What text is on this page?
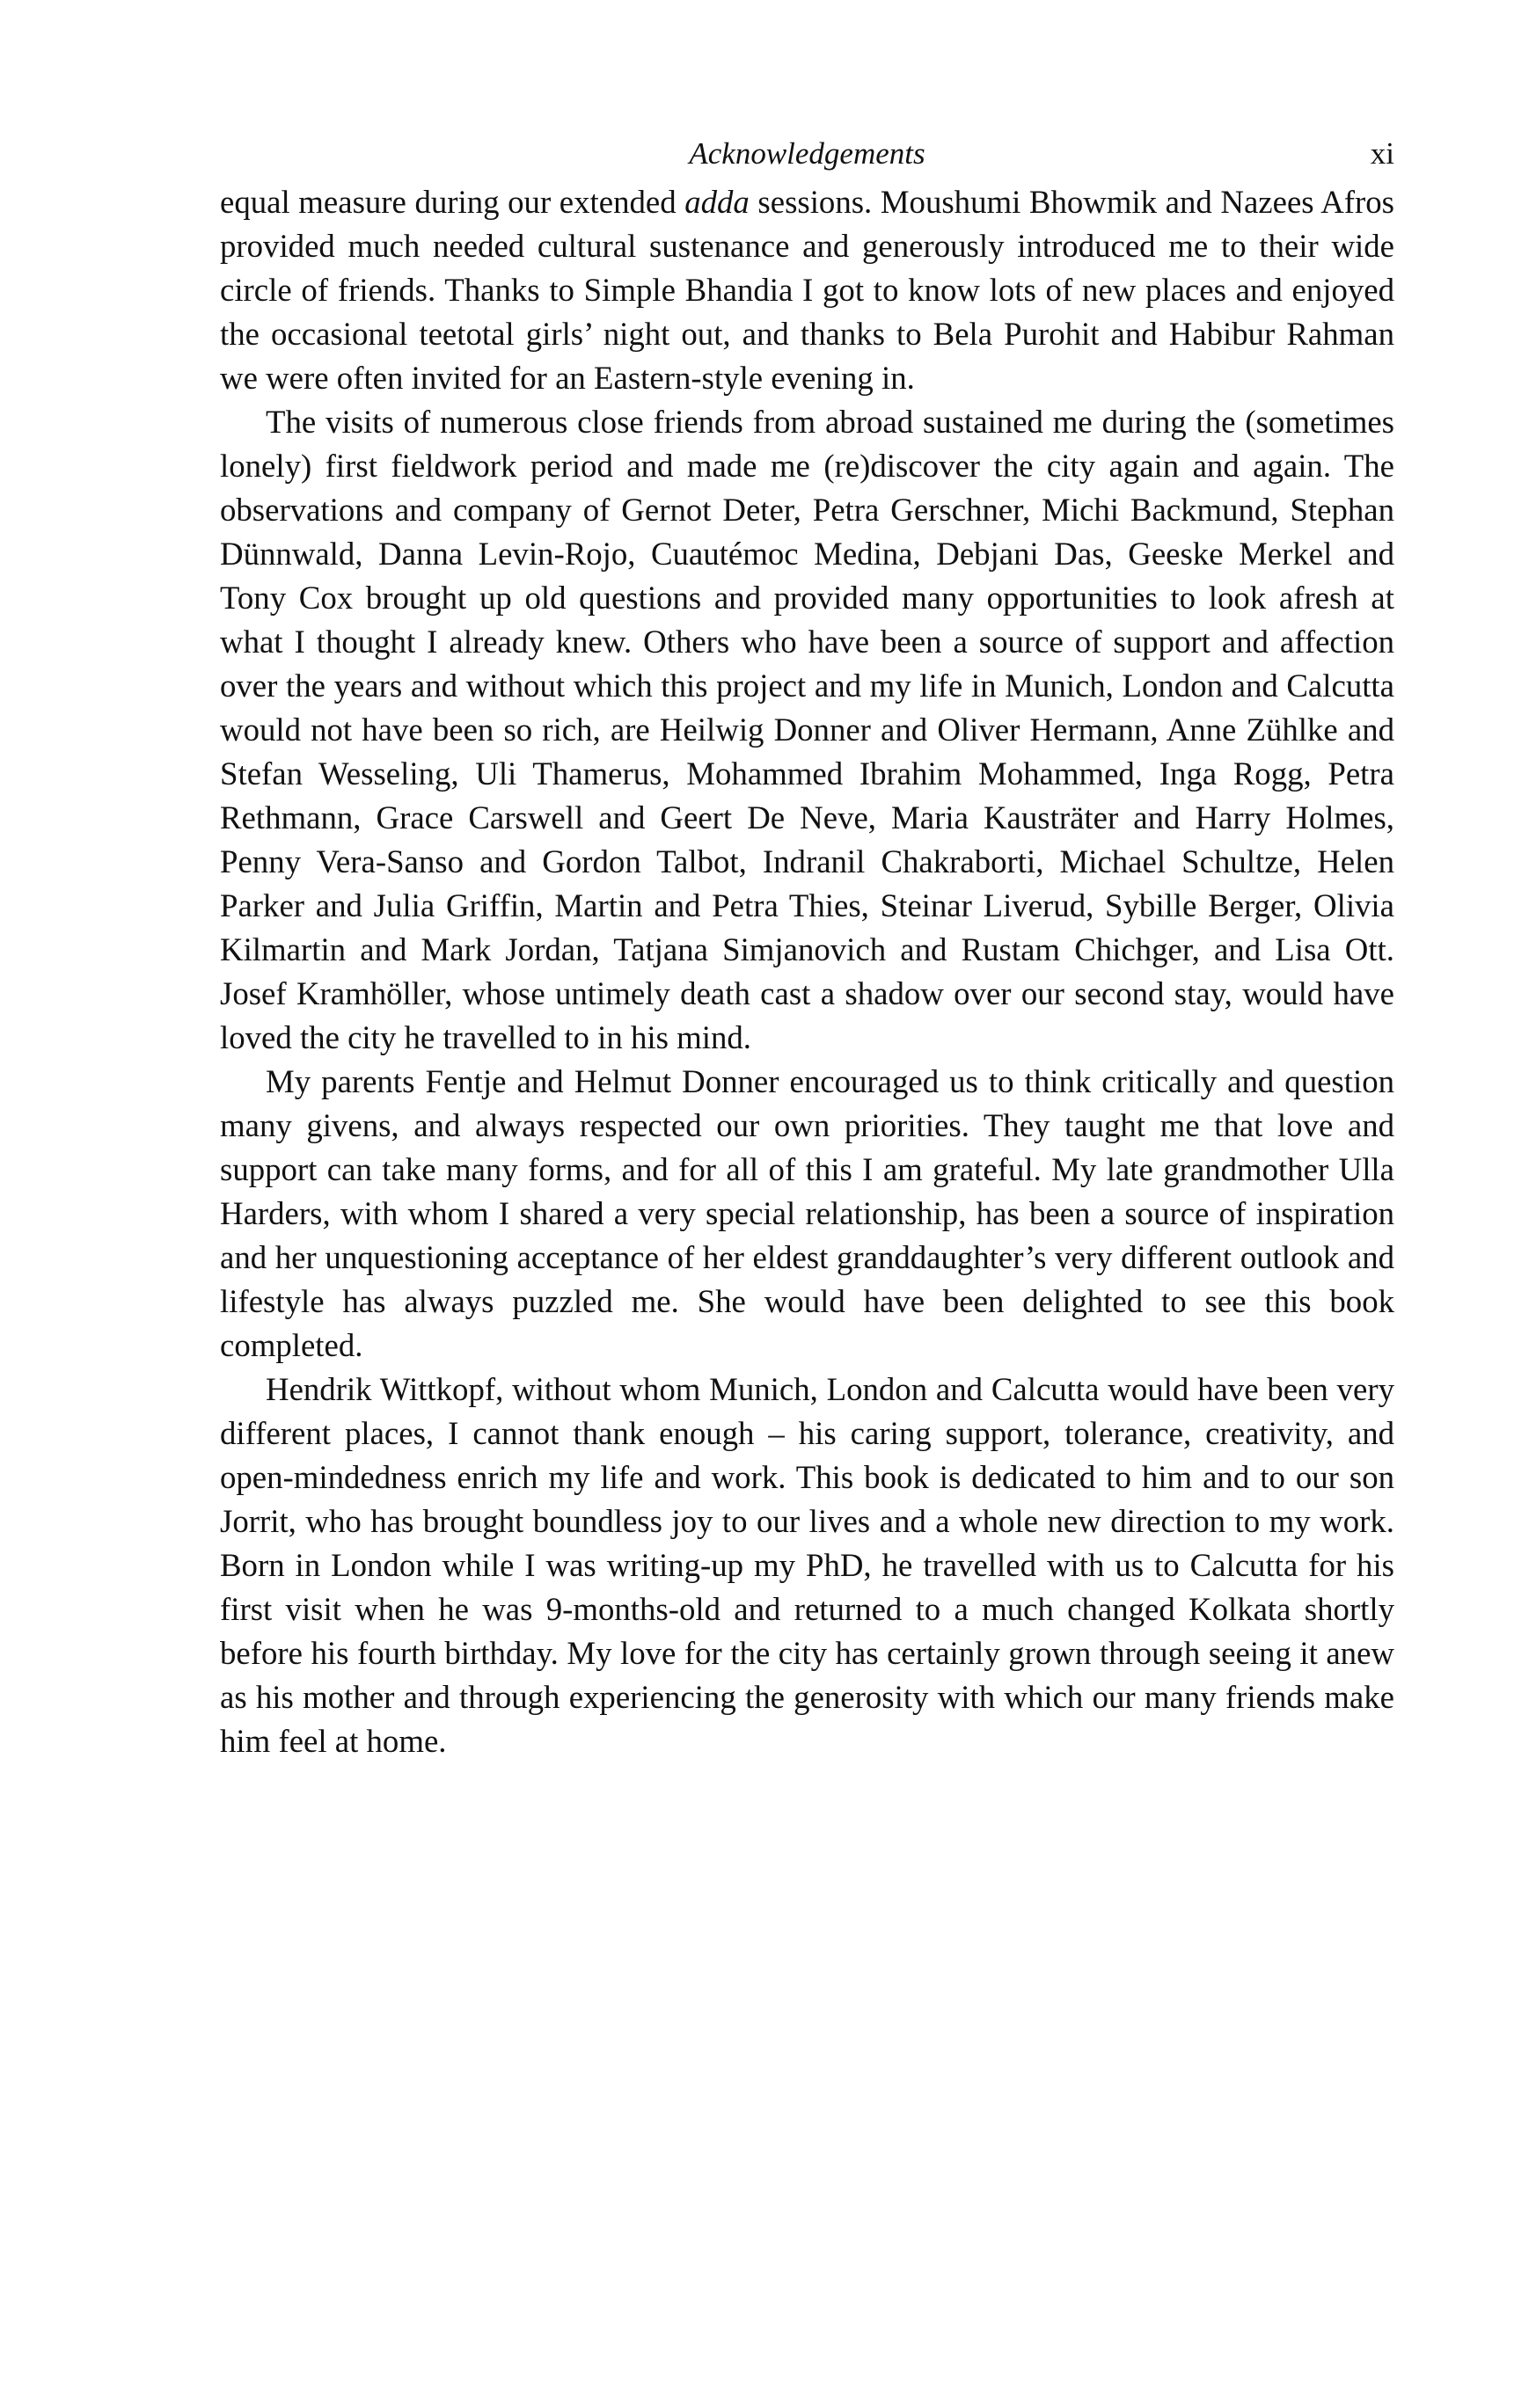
Acknowledgements	xi

equal measure during our extended adda sessions. Moushumi Bhowmik and Nazees Afros provided much needed cultural sustenance and generously introduced me to their wide circle of friends. Thanks to Simple Bhandia I got to know lots of new places and enjoyed the occasional teetotal girls’ night out, and thanks to Bela Purohit and Habibur Rahman we were often invited for an Eastern-style evening in.

The visits of numerous close friends from abroad sustained me during the (sometimes lonely) first fieldwork period and made me (re)discover the city again and again. The observations and company of Gernot Deter, Petra Gerschner, Michi Backmund, Stephan Dünnwald, Danna Levin-Rojo, Cuautémoc Medina, Debjani Das, Geeske Merkel and Tony Cox brought up old questions and provided many opportunities to look afresh at what I thought I already knew. Others who have been a source of support and affection over the years and without which this project and my life in Munich, London and Calcutta would not have been so rich, are Heilwig Donner and Oliver Hermann, Anne Zühlke and Stefan Wesseling, Uli Thamerus, Mohammed Ibrahim Mohammed, Inga Rogg, Petra Rethmann, Grace Carswell and Geert De Neve, Maria Kausträter and Harry Holmes, Penny Vera-Sanso and Gordon Talbot, Indranil Chakraborti, Michael Schultze, Helen Parker and Julia Griffin, Martin and Petra Thies, Steinar Liverud, Sybille Berger, Olivia Kilmartin and Mark Jordan, Tatjana Simjanovich and Rustam Chichger, and Lisa Ott. Josef Kramhöller, whose untimely death cast a shadow over our second stay, would have loved the city he travelled to in his mind.

My parents Fentje and Helmut Donner encouraged us to think critically and question many givens, and always respected our own priorities. They taught me that love and support can take many forms, and for all of this I am grateful. My late grandmother Ulla Harders, with whom I shared a very special relationship, has been a source of inspiration and her unquestioning acceptance of her eldest granddaughter’s very different outlook and lifestyle has always puzzled me. She would have been delighted to see this book completed.

Hendrik Wittkopf, without whom Munich, London and Calcutta would have been very different places, I cannot thank enough – his caring support, tolerance, creativity, and open-mindedness enrich my life and work. This book is dedicated to him and to our son Jorrit, who has brought boundless joy to our lives and a whole new direction to my work. Born in London while I was writing-up my PhD, he travelled with us to Calcutta for his first visit when he was 9-months-old and returned to a much changed Kolkata shortly before his fourth birthday. My love for the city has certainly grown through seeing it anew as his mother and through experiencing the generosity with which our many friends make him feel at home.
